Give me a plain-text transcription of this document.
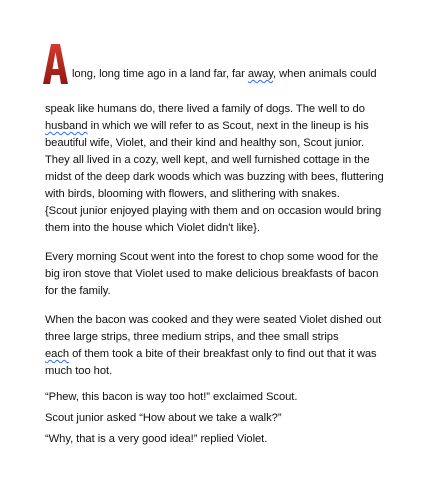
long, long time ago in a land far, far away, when animals could
speak like humans do, there lived a family of dogs. The well to do
husband in which we will refer to as Scout, next in the lineup is his
beautiful wife, Violet, and their kind and healthy son, Scout junior.
They all lived in a cozy, well kept, and well furnished cottage in the
midst of the deep dark woods which was buzzing with bees, fluttering
with birds, blooming with flowers, and slithering with snakes.
{Scout junior enjoyed playing with them and on occasion would bring
them into the house which Violet didn't like}.
Every morning Scout went into the forest to chop some wood for the
big iron stove that Violet used to make delicious breakfasts of bacon
for the family.
When the bacon was cooked and they were seated Violet dished out
three large strips, three medium strips, and thee small strips
each of them took a bite of their breakfast only to find out that it was
much too hot.
“Phew, this bacon is way too hot!” exclaimed Scout.
Scout junior asked “How about we take a walk?”
“Why, that is a very good idea!” replied Violet.
